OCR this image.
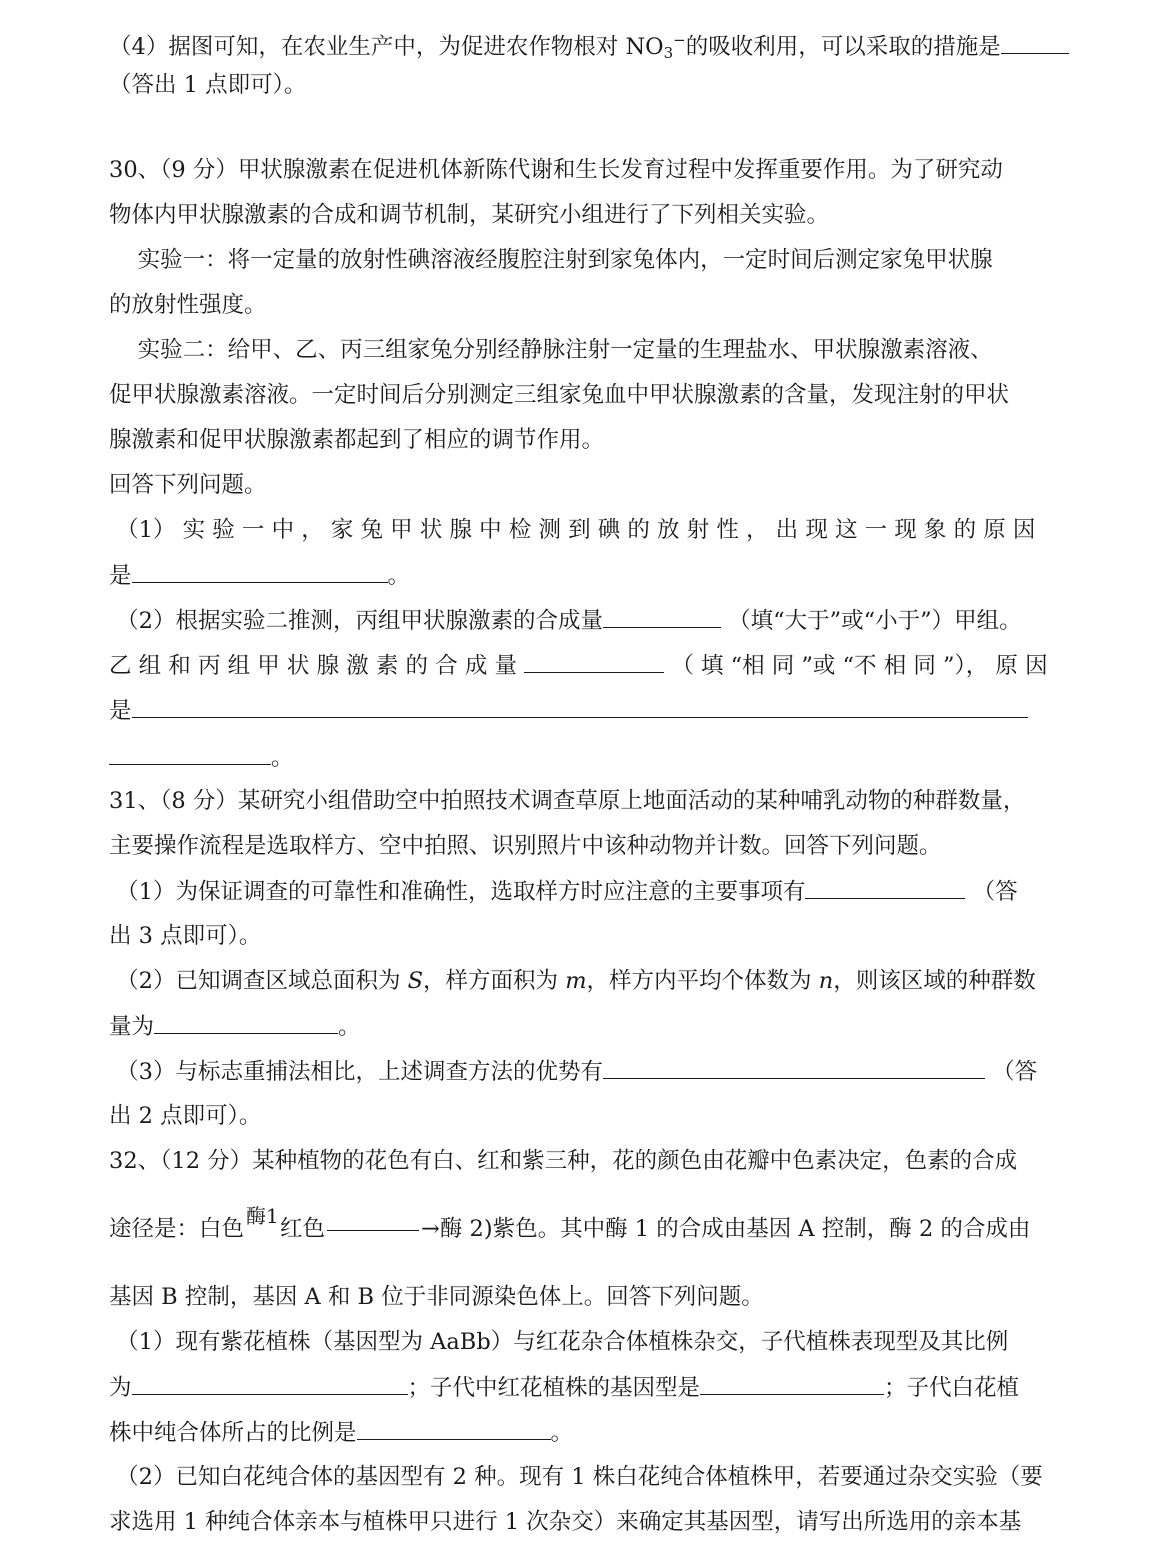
（4）据图可知，在农业生产中，为促进农作物根对 $NO_3^-$的吸收利用，可以采取的措施是
（答出 1 点即可）。
30、（9 分）甲状腺激素在促进机体新陈代谢和生长发育过程中发挥重要作用。为了研究动
物体内甲状腺激素的合成和调节机制，某研究小组进行了下列相关实验。
实验一：将一定量的放射性碘溶液经腹腔注射到家兔体内，一定时间后测定家兔甲状腺
的放射性强度。
实验二：给甲、乙、丙三组家兔分别经静脉注射一定量的生理盐水、甲状腺激素溶液、
促甲状腺激素溶液。一定时间后分别测定三组家兔血中甲状腺激素的含量，发现注射的甲状
腺激素和促甲状腺激素都起到了相应的调节作用。
回答下列问题。
（1） 实 验 一 中 ， 家 兔 甲 状 腺 中 检 测 到 碘 的 放 射 性 ， 出 现 这 一 现 象 的 原 因
是	。
（2）根据实验二推测，丙组甲状腺激素的合成量	（填“大于”或“小于”）甲组。
乙 组 和 丙 组 甲 状 腺 激 素 的 合 成 量	（ 填 “相 同 ”或 “不 相 同 ”）， 原 因
是
。
31、（8 分）某研究小组借助空中拍照技术调查草原上地面活动的某种哺乳动物的种群数量，
主要操作流程是选取样方、空中拍照、识别照片中该种动物并计数。回答下列问题。
（1）为保证调查的可靠性和准确性，选取样方时应注意的主要事项有	（答
出 3 点即可）。
（2）已知调查区域总面积为 S，样方面积为 m，样方内平均个体数为 n，则该区域的种群数
量为	。
（3）与标志重捕法相比，上述调查方法的优势有	（答
出 2 点即可）。
32、（12 分）某种植物的花色有白、红和紫三种，花的颜色由花瓣中色素决定，色素的合成
酶1
途径是：白色 红色	→酶 2)紫色。其中酶 1 的合成由基因 A 控制，酶 2 的合成由
基因 B 控制，基因 A 和 B 位于非同源染色体上。回答下列问题。
（1）现有紫花植株（基因型为 AaBb）与红花杂合体植株杂交，子代植株表现型及其比例
为	；子代中红花植株的基因型是	；子代白花植
株中纯合体所占的比例是	。
（2）已知白花纯合体的基因型有 2 种。现有 1 株白花纯合体植株甲，若要通过杂交实验（要
求选用 1 种纯合体亲本与植株甲只进行 1 次杂交）来确定其基因型，请写出所选用的亲本基
